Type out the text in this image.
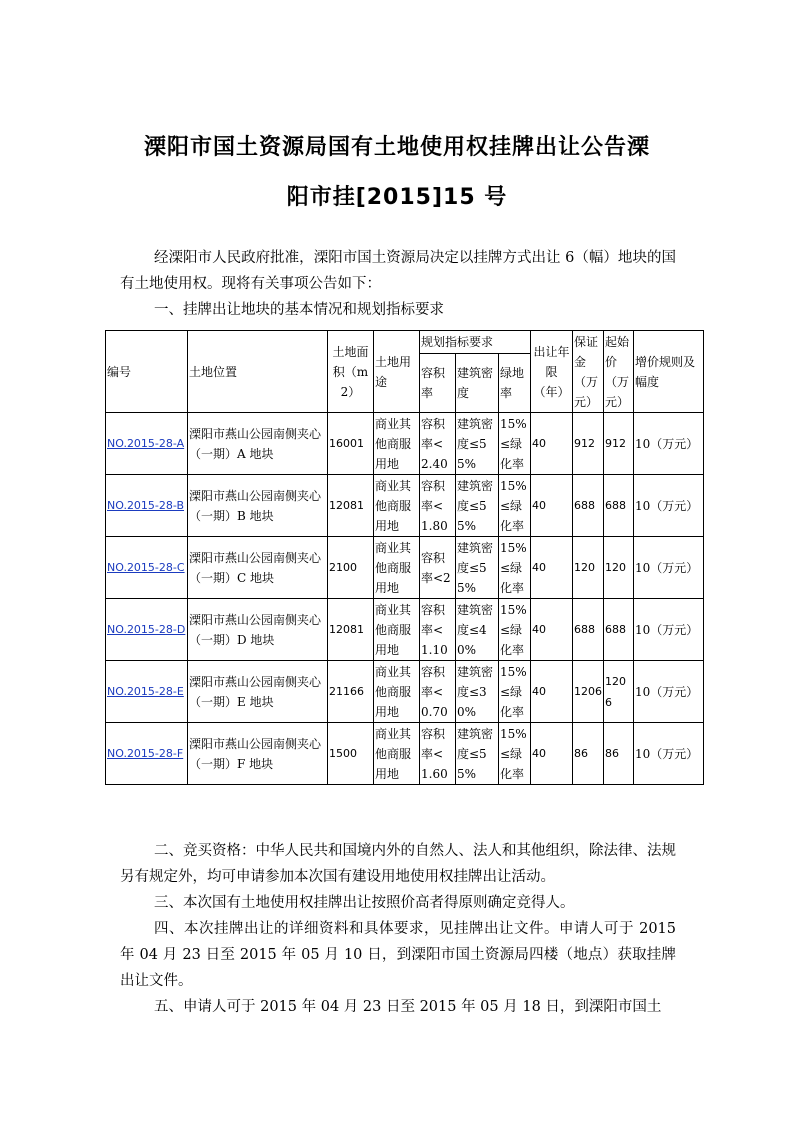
溧阳市国土资源局国有土地使用权挂牌出让公告溧
阳市挂[2015]15 号

经溧阳市人民政府批准，溧阳市国土资源局决定以挂牌方式出让 6（幅）地块的国有土地使用权。现将有关事项公告如下：

一、挂牌出让地块的基本情况和规划指标要求

编号	土地位置	土地面积（m2）	土地用途	规划指标要求			出让年限（年）	保证金（万元）	起始价（万元）	增价规则及幅度
				容积率	建筑密度	绿地率				
NO.2015-28-A	溧阳市燕山公园南侧夹心（一期）A 地块	16001	商业其他商服用地	容积率<2.40	建筑密度≤55%	15%≤绿化率	40	912	912	10（万元）
NO.2015-28-B	溧阳市燕山公园南侧夹心（一期）B 地块	12081	商业其他商服用地	容积率<1.80	建筑密度≤55%	15%≤绿化率	40	688	688	10（万元）
NO.2015-28-C	溧阳市燕山公园南侧夹心（一期）C 地块	2100	商业其他商服用地	容积率<2	建筑密度≤55%	15%≤绿化率	40	120	120	10（万元）
NO.2015-28-D	溧阳市燕山公园南侧夹心（一期）D 地块	12081	商业其他商服用地	容积率<1.10	建筑密度≤40%	15%≤绿化率	40	688	688	10（万元）
NO.2015-28-E	溧阳市燕山公园南侧夹心（一期）E 地块	21166	商业其他商服用地	容积率<0.70	建筑密度≤30%	15%≤绿化率	40	1206	1206	10（万元）
NO.2015-28-F	溧阳市燕山公园南侧夹心（一期）F 地块	1500	商业其他商服用地	容积率<1.60	建筑密度≤55%	15%≤绿化率	40	86	86	10（万元）

二、竞买资格：中华人民共和国境内外的自然人、法人和其他组织，除法律、法规另有规定外，均可申请参加本次国有建设用地使用权挂牌出让活动。

三、本次国有土地使用权挂牌出让按照价高者得原则确定竞得人。

四、本次挂牌出让的详细资料和具体要求，见挂牌出让文件。申请人可于 2015 年 04 月 23 日至 2015 年 05 月 10 日，到溧阳市国土资源局四楼（地点）获取挂牌出让文件。

五、申请人可于 2015 年 04 月 23 日至 2015 年 05 月 18 日，到溧阳市国土
